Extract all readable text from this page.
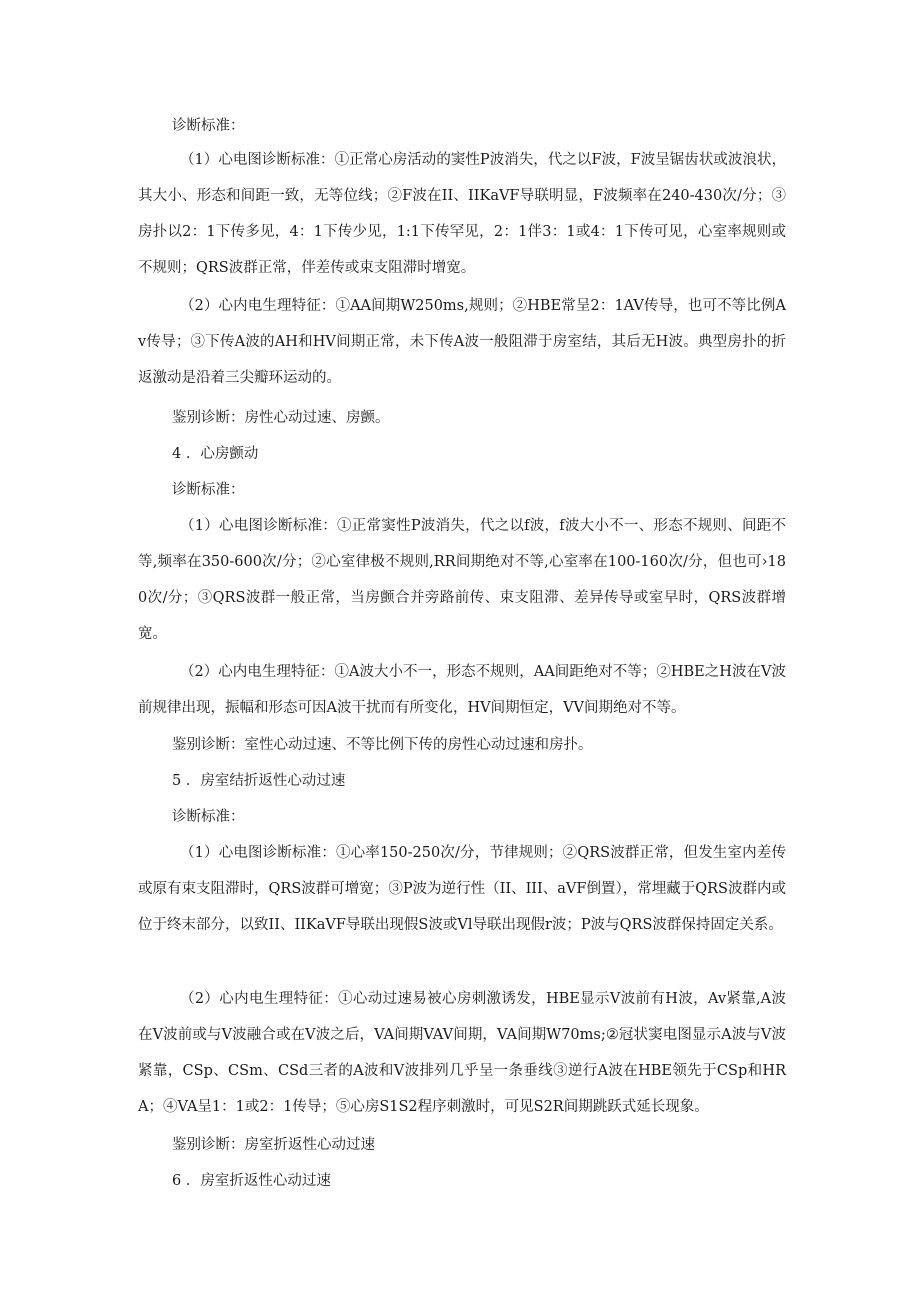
诊断标准：
（1）心电图诊断标准：①正常心房活动的窦性P波消失，代之以F波，F波呈锯齿状或波浪状，其大小、形态和间距一致，无等位线；②F波在II、IIKaVF导联明显，F波频率在240-430次/分；③房扑以2：1下传多见，4：1下传少见，1:1下传罕见，2：1伴3：1或4：1下传可见，心室率规则或不规则；QRS波群正常，伴差传或束支阻滞时增宽。
（2）心内电生理特征：①AA间期W250ms,规则；②HBE常呈2：1AV传导，也可不等比例Av传导；③下传A波的AH和HV间期正常，未下传A波一般阻滞于房室结，其后无H波。典型房扑的折返激动是沿着三尖瓣环运动的。
鉴别诊断：房性心动过速、房颤。
4 ．心房颤动
诊断标准：
（1）心电图诊断标准：①正常窦性P波消失，代之以f波，f波大小不一、形态不规则、间距不等,频率在350-600次/分；②心室律极不规则,RR间期绝对不等,心室率在100-160次/分，但也可›180次/分；③QRS波群一般正常，当房颤合并旁路前传、束支阻滞、差异传导或室早时，QRS波群增宽。
（2）心内电生理特征：①A波大小不一，形态不规则，AA间距绝对不等；②HBE之H波在V波前规律出现，振幅和形态可因A波干扰而有所变化，HV间期恒定，VV间期绝对不等。
鉴别诊断：室性心动过速、不等比例下传的房性心动过速和房扑。
5 ．房室结折返性心动过速
诊断标准：
（1）心电图诊断标准：①心率150-250次/分，节律规则；②QRS波群正常，但发生室内差传或原有束支阻滞时，QRS波群可增宽；③P波为逆行性（II、III、aVF倒置），常埋藏于QRS波群内或位于终末部分，以致II、IIKaVF导联出现假S波或Vl导联出现假r波；P波与QRS波群保持固定关系。
（2）心内电生理特征：①心动过速易被心房刺激诱发，HBE显示V波前有H波，Av紧靠,A波在V波前或与V波融合或在V波之后，VA间期VAV间期，VA间期W70ms;②冠状窦电图显示A波与V波紧靠，CSp、CSm、CSd三者的A波和V波排列几乎呈一条垂线③逆行A波在HBE领先于CSp和HRA；④VA呈1：1或2：1传导；⑤心房S1S2程序刺激时，可见S2R间期跳跃式延长现象。
鉴别诊断：房室折返性心动过速
6 ．房室折返性心动过速
